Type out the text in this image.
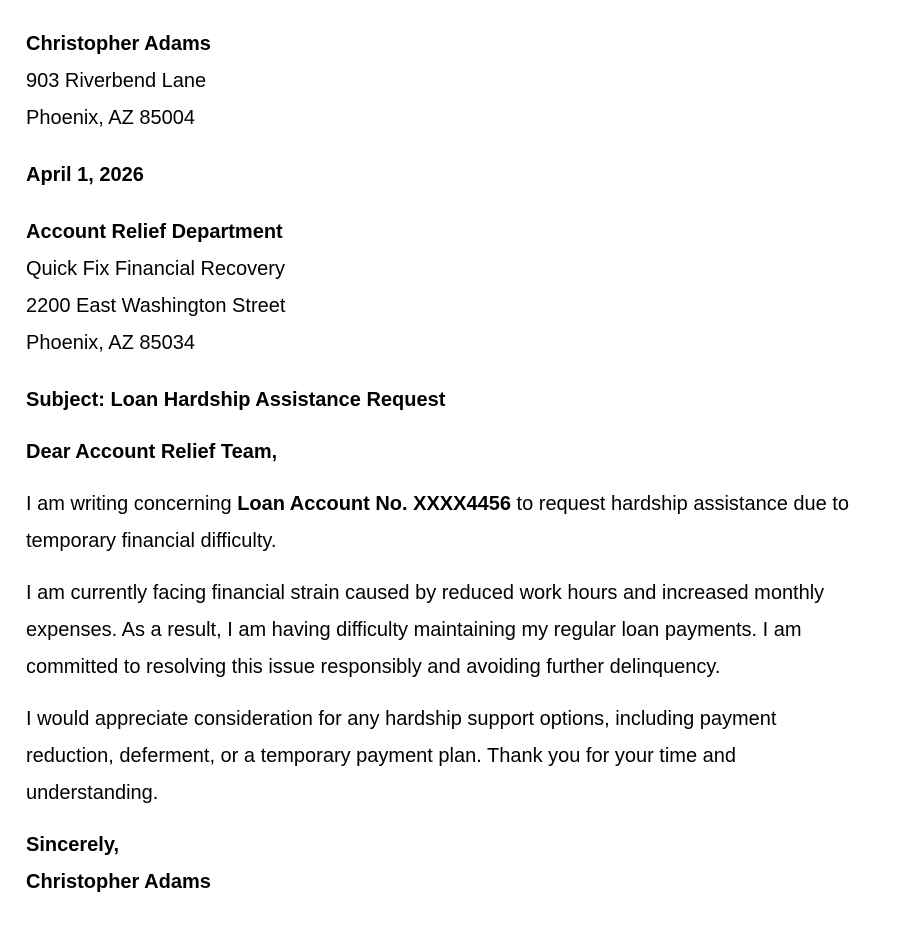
Christopher Adams
903 Riverbend Lane
Phoenix, AZ 85004
April 1, 2026
Account Relief Department
Quick Fix Financial Recovery
2200 East Washington Street
Phoenix, AZ 85034
Subject: Loan Hardship Assistance Request
Dear Account Relief Team,

I am writing concerning Loan Account No. XXXX4456 to request hardship assistance due to temporary financial difficulty.

I am currently facing financial strain caused by reduced work hours and increased monthly expenses. As a result, I am having difficulty maintaining my regular loan payments. I am committed to resolving this issue responsibly and avoiding further delinquency.

I would appreciate consideration for any hardship support options, including payment reduction, deferment, or a temporary payment plan. Thank you for your time and understanding.

Sincerely,
Christopher Adams
